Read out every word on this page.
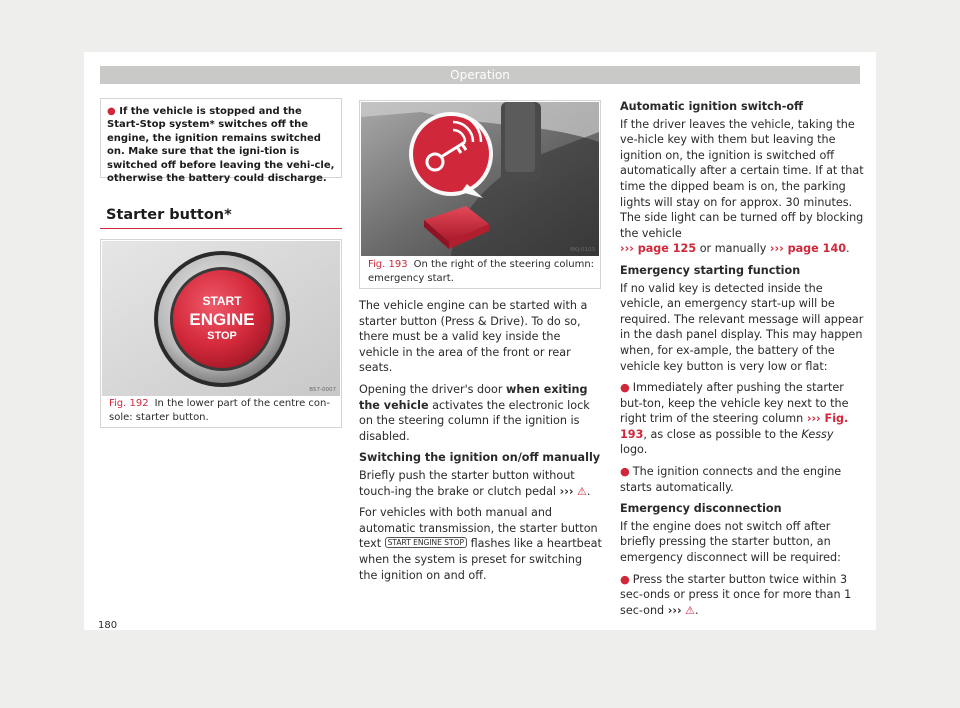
Operation
● If the vehicle is stopped and the Start-Stop system* switches off the engine, the ignition remains switched on. Make sure that the igni-tion is switched off before leaving the vehi-cle, otherwise the battery could discharge.
Starter button*
START
ENGINE
STOP
B57-0007
Fig. 192 In the lower part of the centre con-sole: starter button.
BKJ-0103
Fig. 193 On the right of the steering column: emergency start.

The vehicle engine can be started with a starter button (Press & Drive). To do so, there must be a valid key inside the vehicle in the area of the front or rear seats.

Opening the driver's door when exiting the vehicle activates the electronic lock on the steering column if the ignition is disabled.

Switching the ignition on/off manually

Briefly push the starter button without touch-ing the brake or clutch pedal ››› ⚠.

For vehicles with both manual and automatic transmission, the starter button text START ENGINE STOP flashes like a heartbeat when the system is preset for switching the ignition on and off.

Automatic ignition switch-off

If the driver leaves the vehicle, taking the ve-hicle key with them but leaving the ignition on, the ignition is switched off automatically after a certain time. If at that time the dipped beam is on, the parking lights will stay on for approx. 30 minutes. The side light can be turned off by blocking the vehicle
››› page 125 or manually ››› page 140.

Emergency starting function

If no valid key is detected inside the vehicle, an emergency start-up will be required. The relevant message will appear in the dash panel display. This may happen when, for ex-ample, the battery of the vehicle key button is very low or flat:

● Immediately after pushing the starter but-ton, keep the vehicle key next to the right trim of the steering column ››› Fig. 193, as close as possible to the Kessy logo.

● The ignition connects and the engine starts automatically.

Emergency disconnection

If the engine does not switch off after briefly pressing the starter button, an emergency disconnect will be required:

● Press the starter button twice within 3 sec-onds or press it once for more than 1 sec-ond ››› ⚠.

180
